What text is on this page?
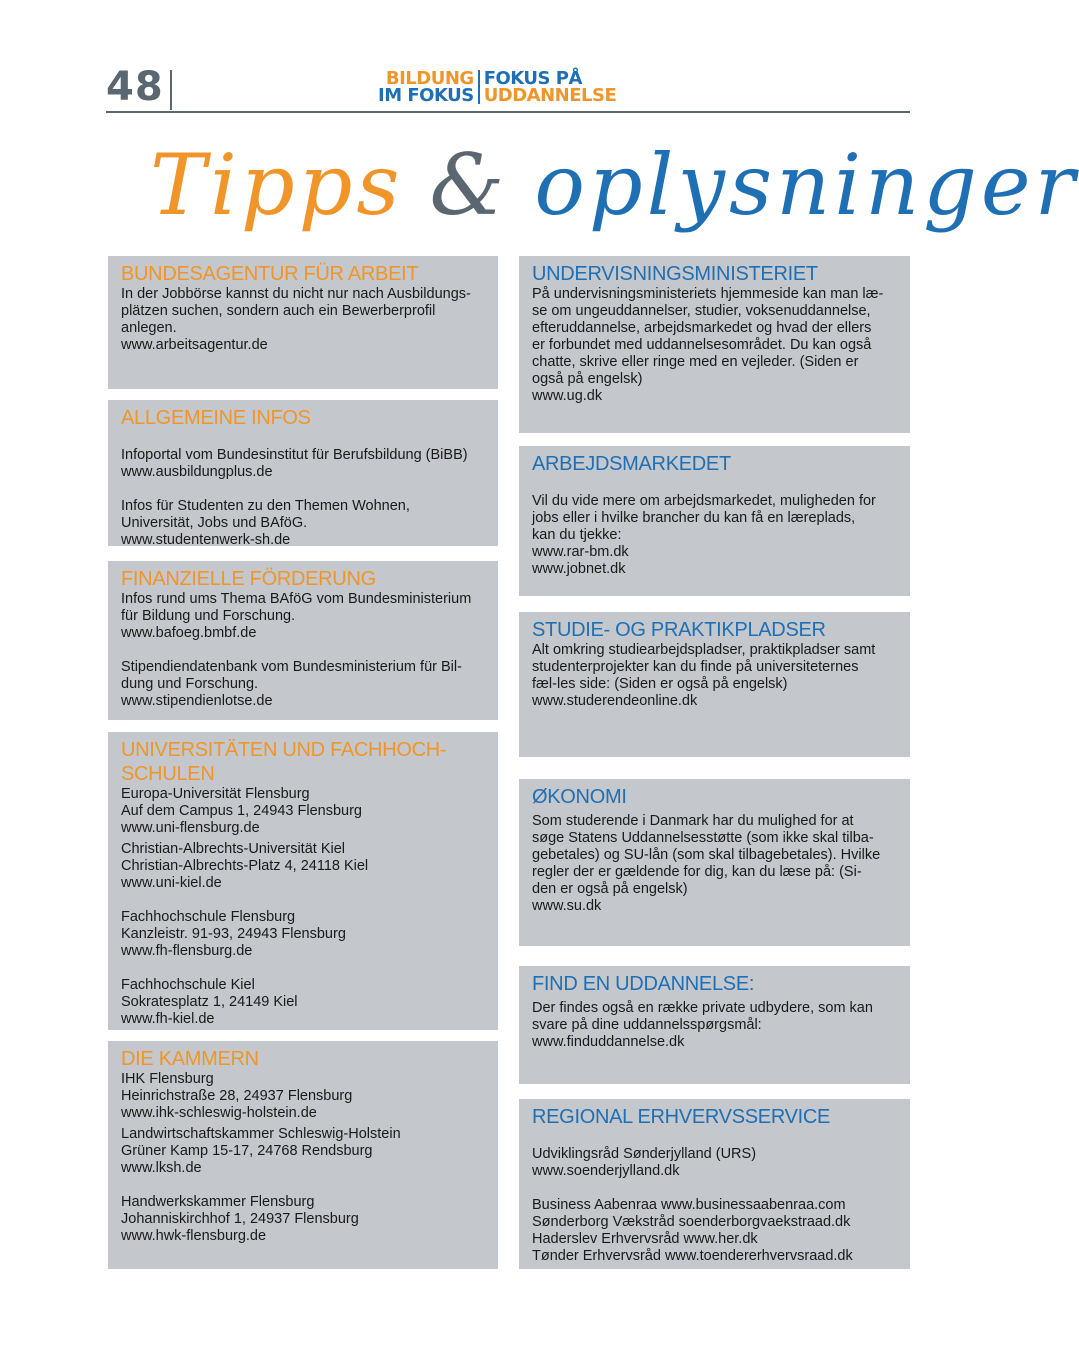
48	BILDUNG
IM FOKUS
FOKUS PÅ
UDDANNELSE
Tipps & oplysninger
BUNDESAGENTUR FÜR ARBEIT

In der Jobbörse kannst du nicht nur nach Ausbildungs-
plätzen suchen, sondern auch ein Bewerberprofil
anlegen.
www.arbeitsagentur.de

ALLGEMEINE INFOS

Infoportal vom Bundesinstitut für Berufsbildung (BiBB)
www.ausbildungplus.de

Infos für Studenten zu den Themen Wohnen,
Universität, Jobs und BAföG.
www.studentenwerk-sh.de

FINANZIELLE FÖRDERUNG

Infos rund ums Thema BAföG vom Bundesministerium
für Bildung und Forschung.
www.bafoeg.bmbf.de

Stipendiendatenbank vom Bundesministerium für Bil-
dung und Forschung.
www.stipendienlotse.de

UNIVERSITÄTEN UND FACHHOCH-
SCHULEN

Europa-Universität Flensburg
Auf dem Campus 1, 24943 Flensburg
www.uni-flensburg.de

Christian-Albrechts-Universität Kiel
Christian-Albrechts-Platz 4, 24118 Kiel
www.uni-kiel.de

Fachhochschule Flensburg
Kanzleistr. 91-93, 24943 Flensburg
www.fh-flensburg.de

Fachhochschule Kiel
Sokratesplatz 1, 24149 Kiel
www.fh-kiel.de

DIE KAMMERN

IHK Flensburg
Heinrichstraße 28, 24937 Flensburg
www.ihk-schleswig-holstein.de

Landwirtschaftskammer Schleswig-Holstein
Grüner Kamp 15-17, 24768 Rendsburg
www.lksh.de

Handwerkskammer Flensburg
Johanniskirchhof 1, 24937 Flensburg
www.hwk-flensburg.de

UNDERVISNINGSMINISTERIET

På undervisningsministeriets hjemmeside kan man læ-
se om ungeuddannelser, studier, voksenuddannelse,
efteruddannelse, arbejdsmarkedet og hvad der ellers
er forbundet med uddannelsesområdet. Du kan også
chatte, skrive eller ringe med en vejleder. (Siden er
også på engelsk)
www.ug.dk

ARBEJDSMARKEDET

Vil du vide mere om arbejdsmarkedet, muligheden for
jobs eller i hvilke brancher du kan få en læreplads,
kan du tjekke:
www.rar-bm.dk
www.jobnet.dk

STUDIE- OG PRAKTIKPLADSER

Alt omkring studiearbejdspladser, praktikpladser samt
studenterprojekter kan du finde på universiteternes
fæl-les side: (Siden er også på engelsk)
www.studerendeonline.dk

ØKONOMI

Som studerende i Danmark har du mulighed for at
søge Statens Uddannelsesstøtte (som ikke skal tilba-
gebetales) og SU-lån (som skal tilbagebetales). Hvilke
regler der er gældende for dig, kan du læse på: (Si-
den er også på engelsk)
www.su.dk

FIND EN UDDANNELSE:

Der findes også en række private udbydere, som kan
svare på dine uddannelsspørgsmål:
www.finduddannelse.dk

REGIONAL ERHVERVSSERVICE

Udviklingsråd Sønderjylland (URS)
www.soenderjylland.dk

Business Aabenraa www.businessaabenraa.com
Sønderborg Vækstråd soenderborgvaekstraad.dk
Haderslev Erhvervsråd www.her.dk
Tønder Erhvervsråd www.toendererhvervsraad.dk
